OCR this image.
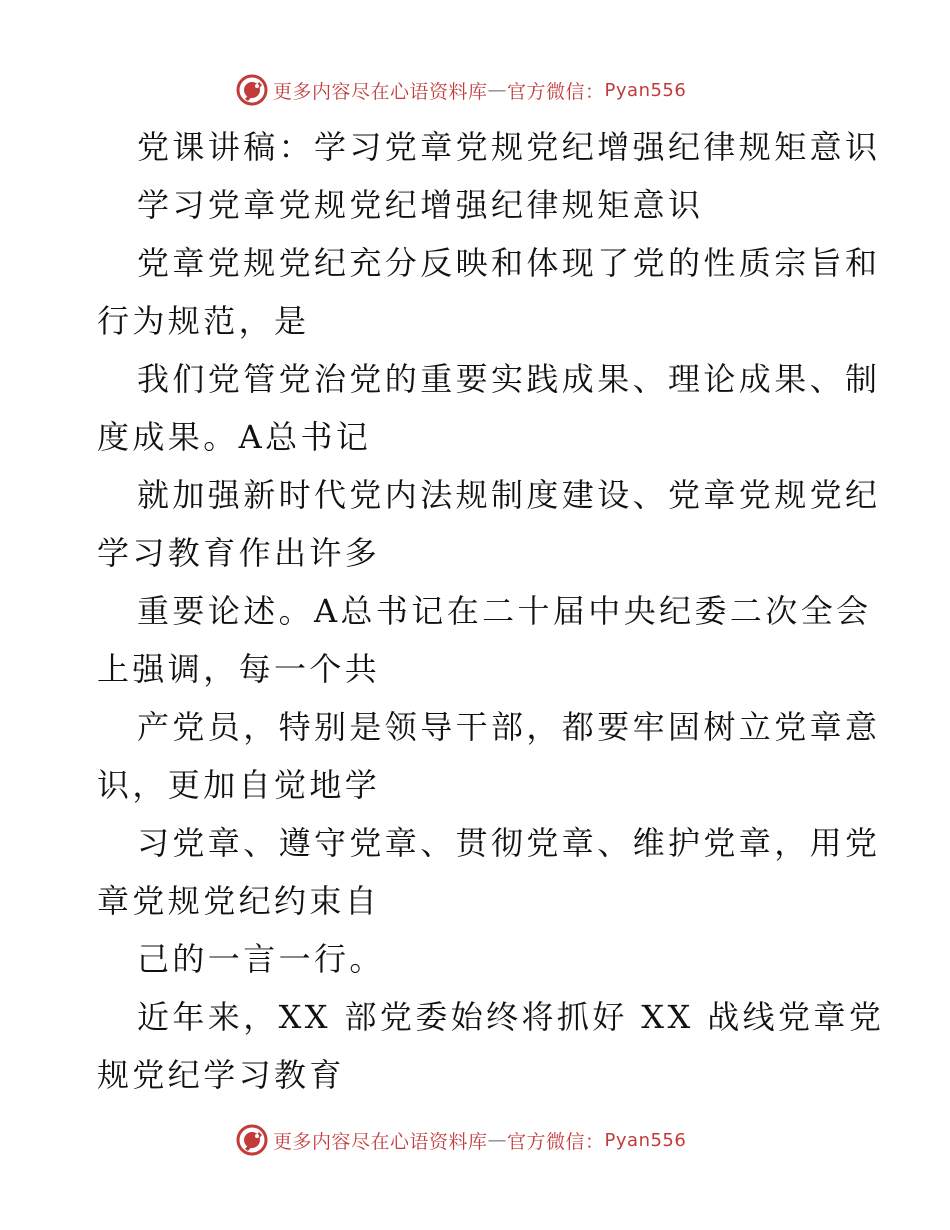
更多内容尽在心语资料库 — 官方微信： Pyan556
党课讲稿：学习党章党规党纪增强纪律规矩意识
学习党章党规党纪增强纪律规矩意识
党章党规党纪充分反映和体现了党的性质宗旨和
行为规范，是
我们党管党治党的重要实践成果、理论成果、制
度成果。A总书记
就加强新时代党内法规制度建设、党章党规党纪
学习教育作出许多
重要论述。A总书记在二十届中央纪委二次全会
上强调，每一个共
产党员，特别是领导干部，都要牢固树立党章意
识，更加自觉地学
习党章、遵守党章、贯彻党章、维护党章，用党
章党规党纪约束自
己的一言一行。
近年来，XX 部党委始终将抓好 XX 战线党章党
规党纪学习教育
更多内容尽在心语资料库 — 官方微信： Pyan556
